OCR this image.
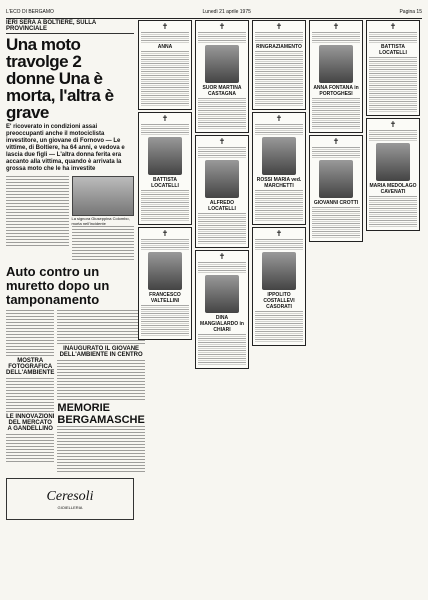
L'ECO DI BERGAMO	Lunedì 21 aprile 1975	Pagina 15
IERI SERA A BOLTIERE, SULLA PROVINCIALE
Una moto travolge 2 donne Una è morta, l'altra è grave
E' ricoverato in condizioni assai preoccupanti anche il motociclista investitore, un giovane di Fornovo — Le vittime, di Boltiere, ha 64 anni, e vedova e lascia due figli — L'altra donna ferita era accanto alla vittima, quando è arrivata la grossa moto che le ha investite
La signora Giuseppina Colombo, morta nell'incidente
Auto contro un muretto dopo un tamponamento
MOSTRA FOTOGRAFICA DELL'AMBIENTE
LE INNOVAZIONI DEL MERCATO A GANDELLINO
INAUGURATO IL GIOVANE DELL'AMBIENTE IN CENTRO
MEMORIE BERGAMASCHE
Ceresoli
GIOIELLERIA
✝
ANNA
✝
BATTISTA LOCATELLI
✝
FRANCESCO VALTELLINI
✝
SUOR MARTINA CASTAGNA
✝
ALFREDO LOCATELLI
✝
DINA MANGIALARDO in CHIARI
✝
RINGRAZIAMENTO
✝
ROSSI MARIA ved. MARCHETTI
✝
IPPOLITO COSTALLEVI CASORATI
✝
ANNA FONTANA in PORTOGHESI
✝
GIOVANNI CROTTI
✝
BATTISTA LOCATELLI
✝
MARIA MEDOLAGO CAVENATI
